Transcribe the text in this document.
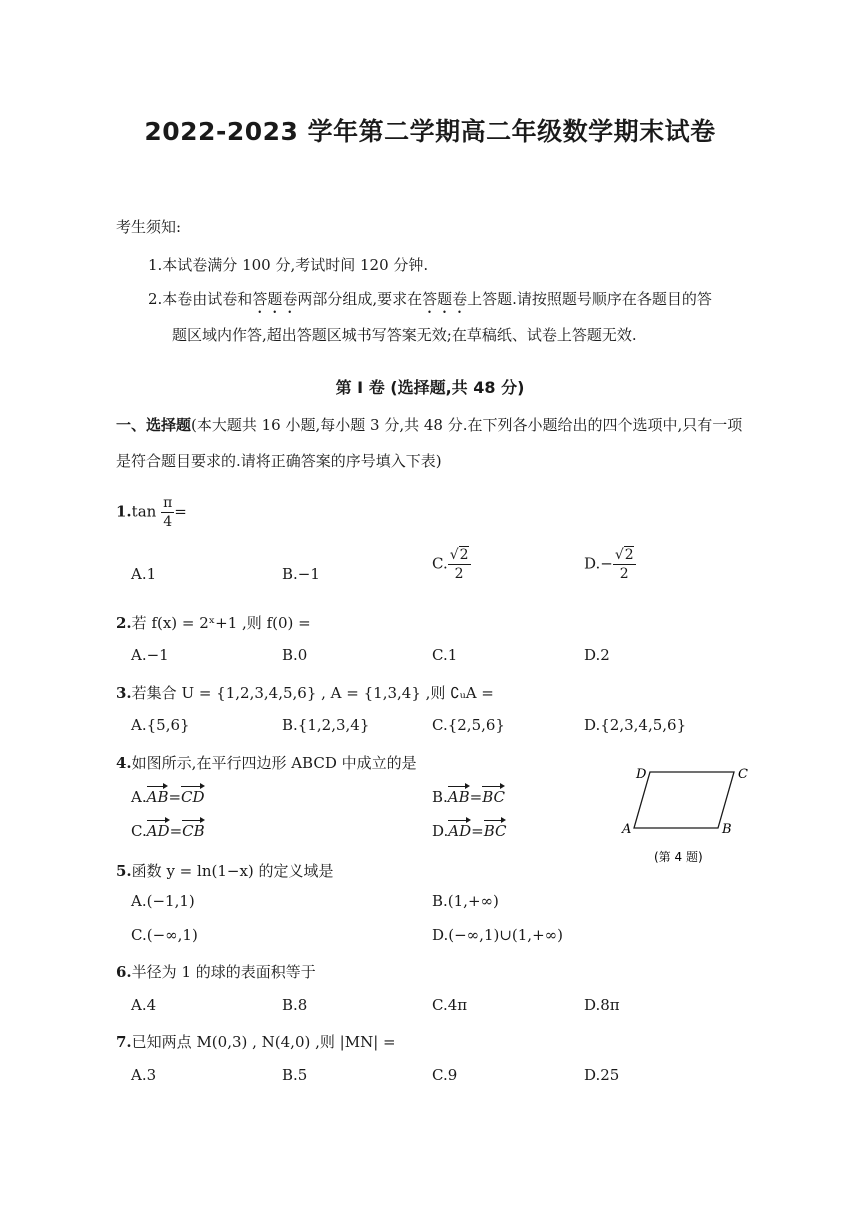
2022-2023 学年第二学期高二年级数学期末试卷
考生须知:
1.本试卷满分 100 分,考试时间 120 分钟.
2.本卷由试卷和答题卷两部分组成,要求在答题卷上答题.请按照题号顺序在各题目的答
题区域内作答,超出答题区城书写答案无效;在草稿纸、试卷上答题无效.
第 I 卷 (选择题,共 48 分)
一、选择题(本大题共 16 小题,每小题 3 分,共 48 分.在下列各小题给出的四个选项中,只有一项
是符合题目要求的.请将正确答案的序号填入下表)
$1.\tan \frac{\pi}{4}$ =
A.1	B.−1
C. $\frac{√2}{2}$	$D.- \frac{√2}{2}$
2.若 f(x) = 2ˣ+1 ,则 f(0) =
A.−1	B.0	C.1	D.2
3.若集合 U = {1,2,3,4,5,6} , A = {1,3,4} ,则 ∁ᵤA =
A.{5,6}	B.{1,2,3,4}	C.{2,5,6}	D.{2,3,4,5,6}
4.如图所示,在平行四边形 ABCD 中成立的是
A.AB=CD	B.AB=BC
C.AD=CB	D.AD=BC
D	C
A	B
(第 4 题)
5.函数 y = ln(1−x) 的定义域是
A.(−1,1)	B.(1,+∞)
C.(−∞,1)	D.(−∞,1)∪(1,+∞)
6.半径为 1 的球的表面积等于
A.4	B.8	C.4π	D.8π
7.已知两点 M(0,3) , N(4,0) ,则 |MN| =
A.3	B.5	C.9	D.25
